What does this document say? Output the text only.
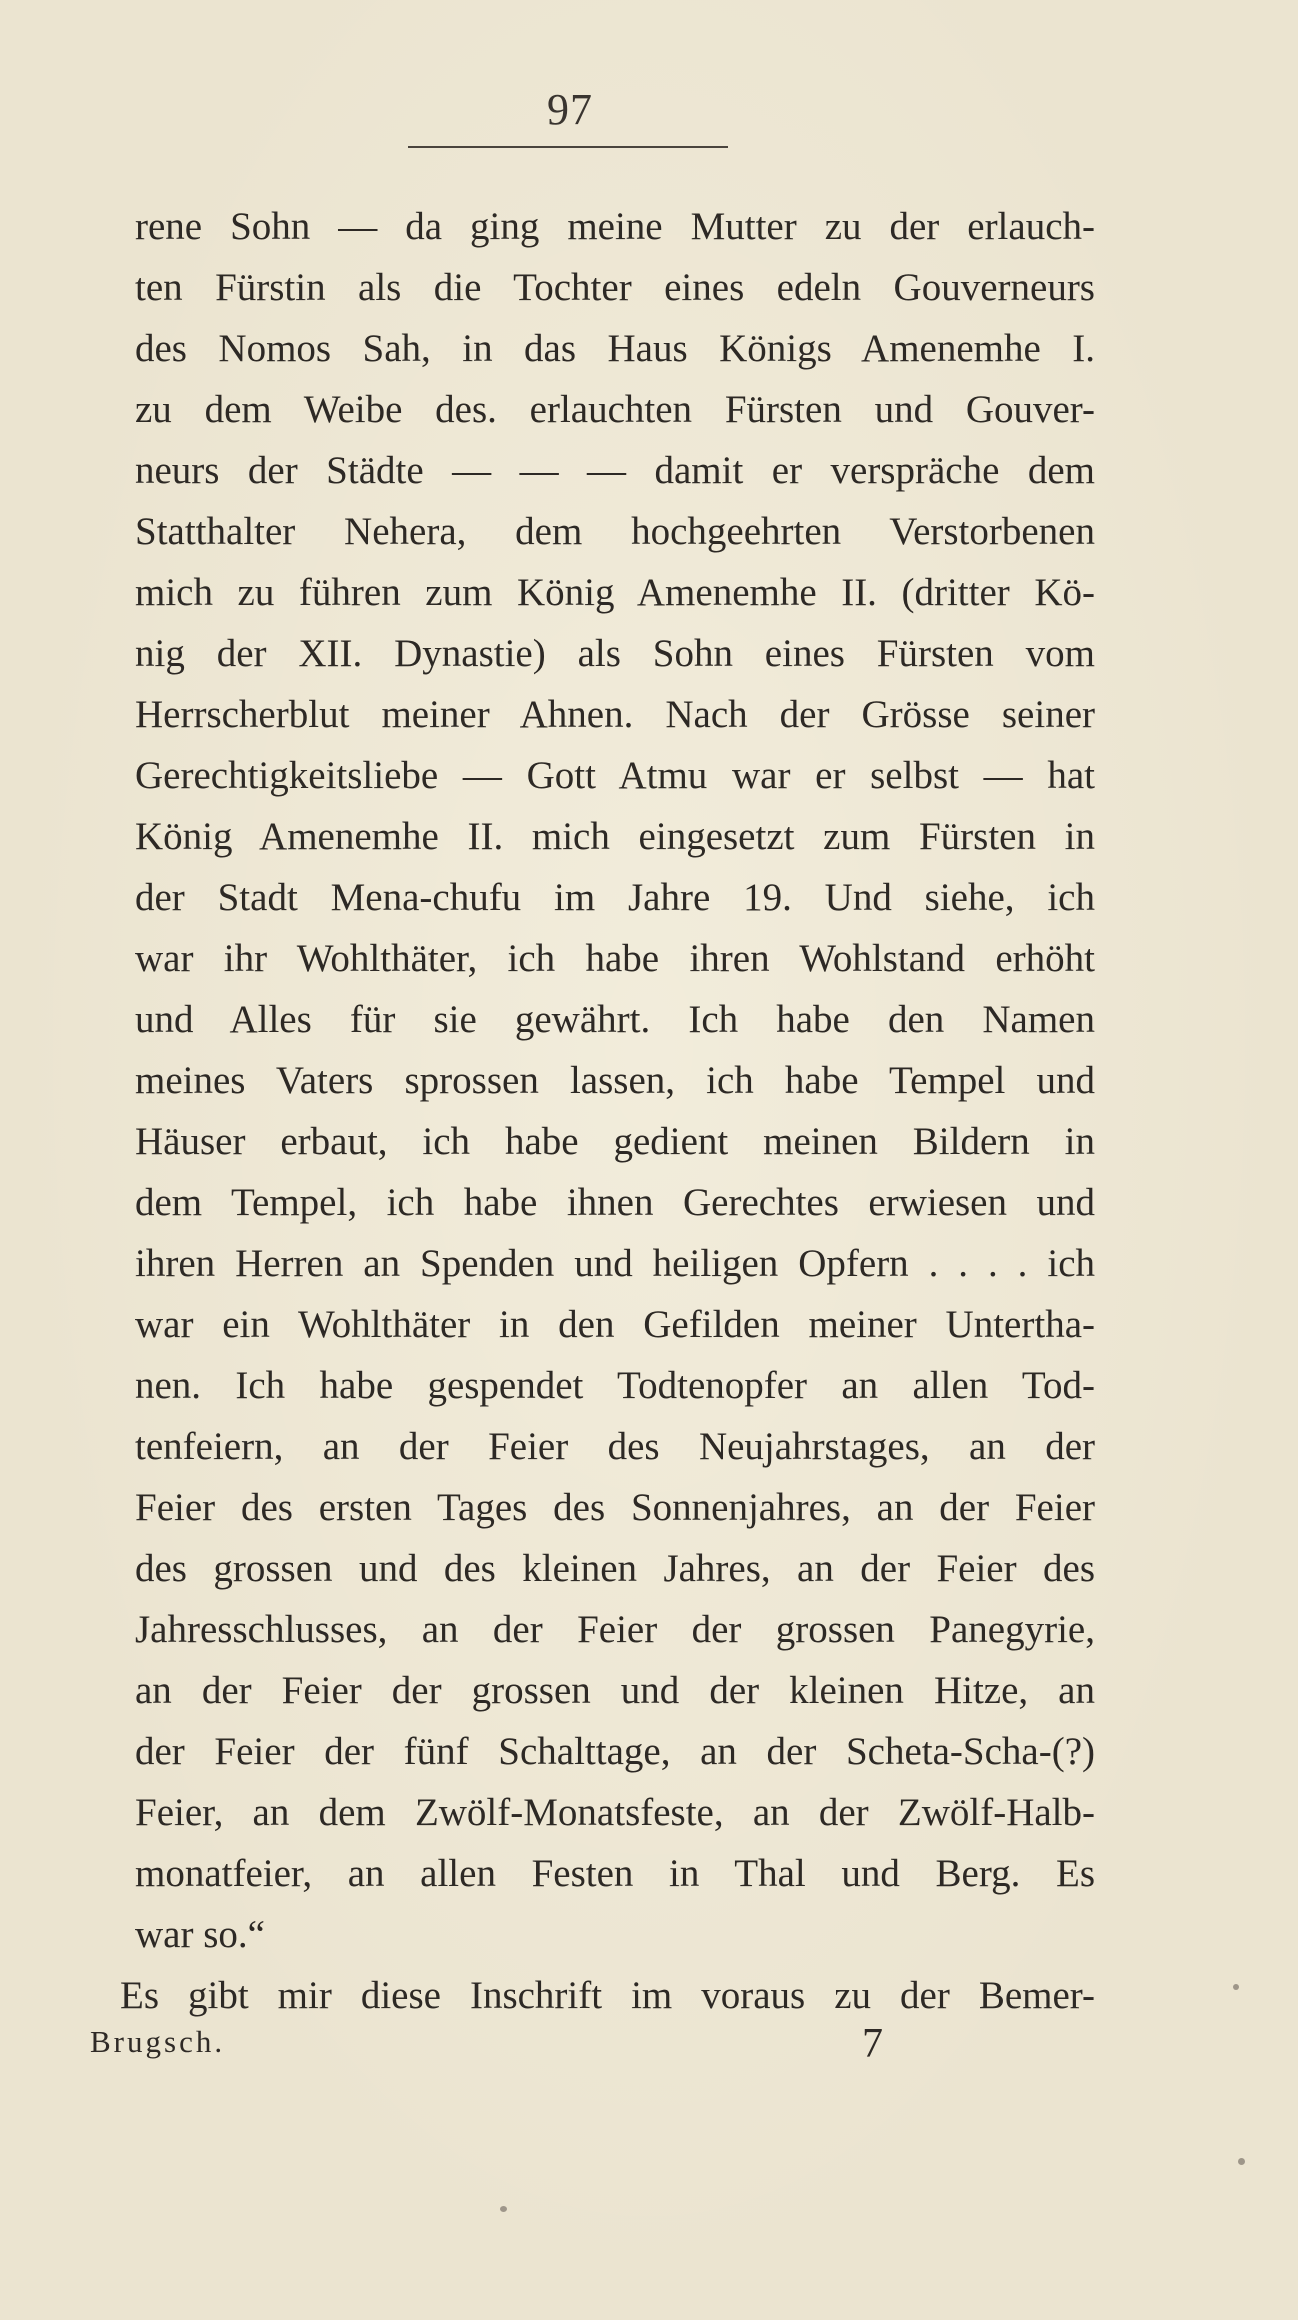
97
rene Sohn — da ging meine Mutter zu der erlauch-
ten Fürstin als die Tochter eines edeln Gouverneurs
des Nomos Sah, in das Haus Königs Amenemhe I.
zu dem Weibe des. erlauchten Fürsten und Gouver-
neurs der Städte — — — damit er verspräche dem
Statthalter Nehera, dem hochgeehrten Verstorbenen
mich zu führen zum König Amenemhe II. (dritter Kö-
nig der XII. Dynastie) als Sohn eines Fürsten vom
Herrscherblut meiner Ahnen. Nach der Grösse seiner
Gerechtigkeitsliebe — Gott Atmu war er selbst — hat
König Amenemhe II. mich eingesetzt zum Fürsten in
der Stadt Mena-chufu im Jahre 19. Und siehe, ich
war ihr Wohlthäter, ich habe ihren Wohlstand erhöht
und Alles für sie gewährt. Ich habe den Namen
meines Vaters sprossen lassen, ich habe Tempel und
Häuser erbaut, ich habe gedient meinen Bildern in
dem Tempel, ich habe ihnen Gerechtes erwiesen und
ihren Herren an Spenden und heiligen Opfern . . . . ich
war ein Wohlthäter in den Gefilden meiner Untertha-
nen. Ich habe gespendet Todtenopfer an allen Tod-
tenfeiern, an der Feier des Neujahrstages, an der
Feier des ersten Tages des Sonnenjahres, an der Feier
des grossen und des kleinen Jahres, an der Feier des
Jahresschlusses, an der Feier der grossen Panegyrie,
an der Feier der grossen und der kleinen Hitze, an
der Feier der fünf Schalttage, an der Scheta-Scha-(?)
Feier, an dem Zwölf-Monatsfeste, an der Zwölf-Halb-
monatfeier, an allen Festen in Thal und Berg. Es
war so.“
Es gibt mir diese Inschrift im voraus zu der Bemer-
Brugsch.	7
